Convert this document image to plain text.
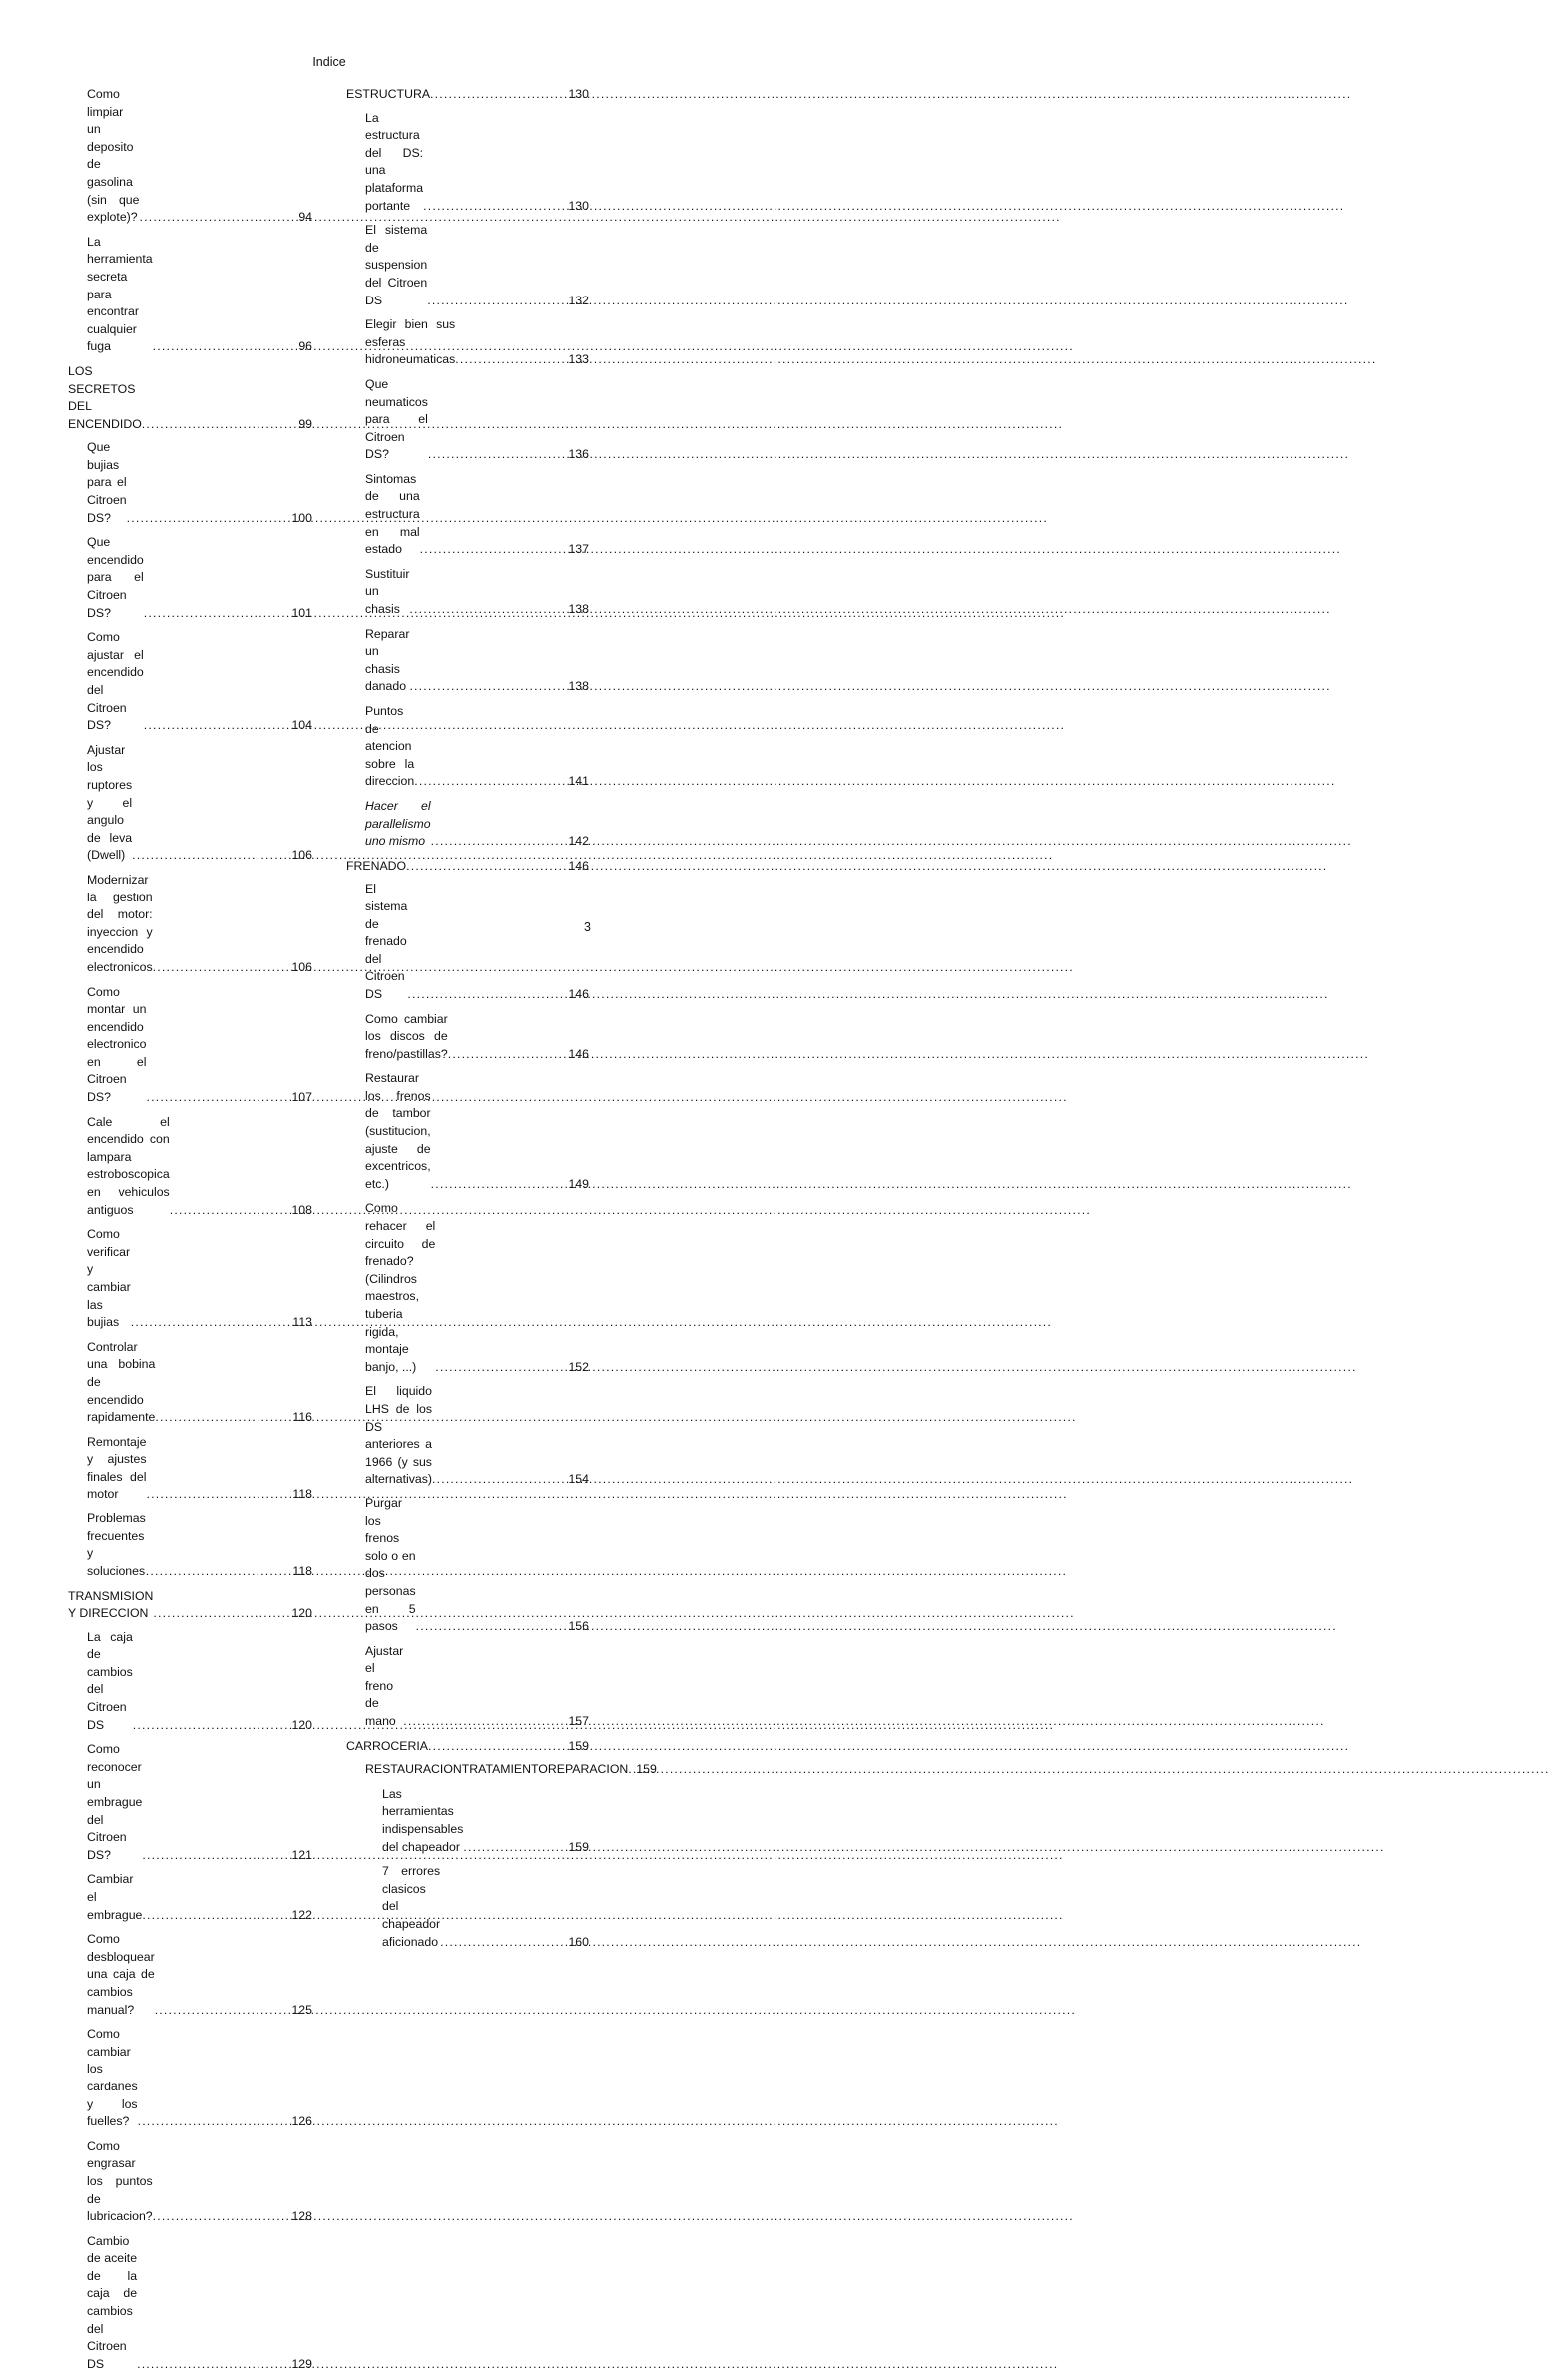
Indice
Como limpiar un deposito de gasolina (sin que explote)? .....	94
La herramienta secreta para encontrar cualquier fuga .....	96
LOS SECRETOS DEL ENCENDIDO .....	99
Que bujias para el Citroen DS? .....	100
Que encendido para el Citroen DS? .....	101
Como ajustar el encendido del Citroen DS? .....	104
Ajustar los ruptores y el angulo de leva (Dwell) .....	106
Modernizar la gestion del motor: inyeccion y encendido electronicos .....	106
Como montar un encendido electronico en el Citroen DS? .....	107
Cale el encendido con lampara estroboscopica en vehiculos antiguos .....	108
Como verificar y cambiar las bujias .....	113
Controlar una bobina de encendido rapidamente .....	116
Remontaje y ajustes finales del motor .....	118
Problemas frecuentes y soluciones .....	118
TRANSMISION Y DIRECCION .....	120
La caja de cambios del Citroen DS .....	120
Como reconocer un embrague del Citroen DS? .....	121
Cambiar el embrague .....	122
Como desbloquear una caja de cambios manual? .....	125
Como cambiar los cardanes y los fuelles? .....	126
Como engrasar los puntos de lubricacion? .....	128
Cambio de aceite de la caja de cambios del Citroen DS .....	129
ESTRUCTURA .....	130
La estructura del DS: una plataforma portante .....	130
El sistema de suspension del Citroen DS .....	132
Elegir bien sus esferas hidroneumaticas .....	133
Que neumaticos para el Citroen DS? .....	136
Sintomas de una estructura en mal estado .....	137
Sustituir un chasis .....	138
Reparar un chasis danado .....	138
Puntos de atencion sobre la direccion .....	141
Hacer el parallelismo uno mismo .....	142
FRENADO .....	146
El sistema de frenado del Citroen DS .....	146
Como cambiar los discos de freno/pastillas? .....	146
Restaurar los frenos de tambor (sustitucion, ajuste de excentricos, etc.) .....	149
Como rehacer el circuito de frenado? (Cilindros maestros, tuberia rigida, montaje banjo, ...) .....	152
El liquido LHS de los DS anteriores a 1966 (y sus alternativas) .....	154
Purgar los frenos solo o en dos personas en 5 pasos .....	156
Ajustar el freno de mano .....	157
CARROCERIA .....	159
RESTAURACIONTRATAMIENTOREPARACION ..... 159
Las herramientas indispensables del chapeador .....	159
7 errores clasicos del chapeador aficionado .....	160
3
